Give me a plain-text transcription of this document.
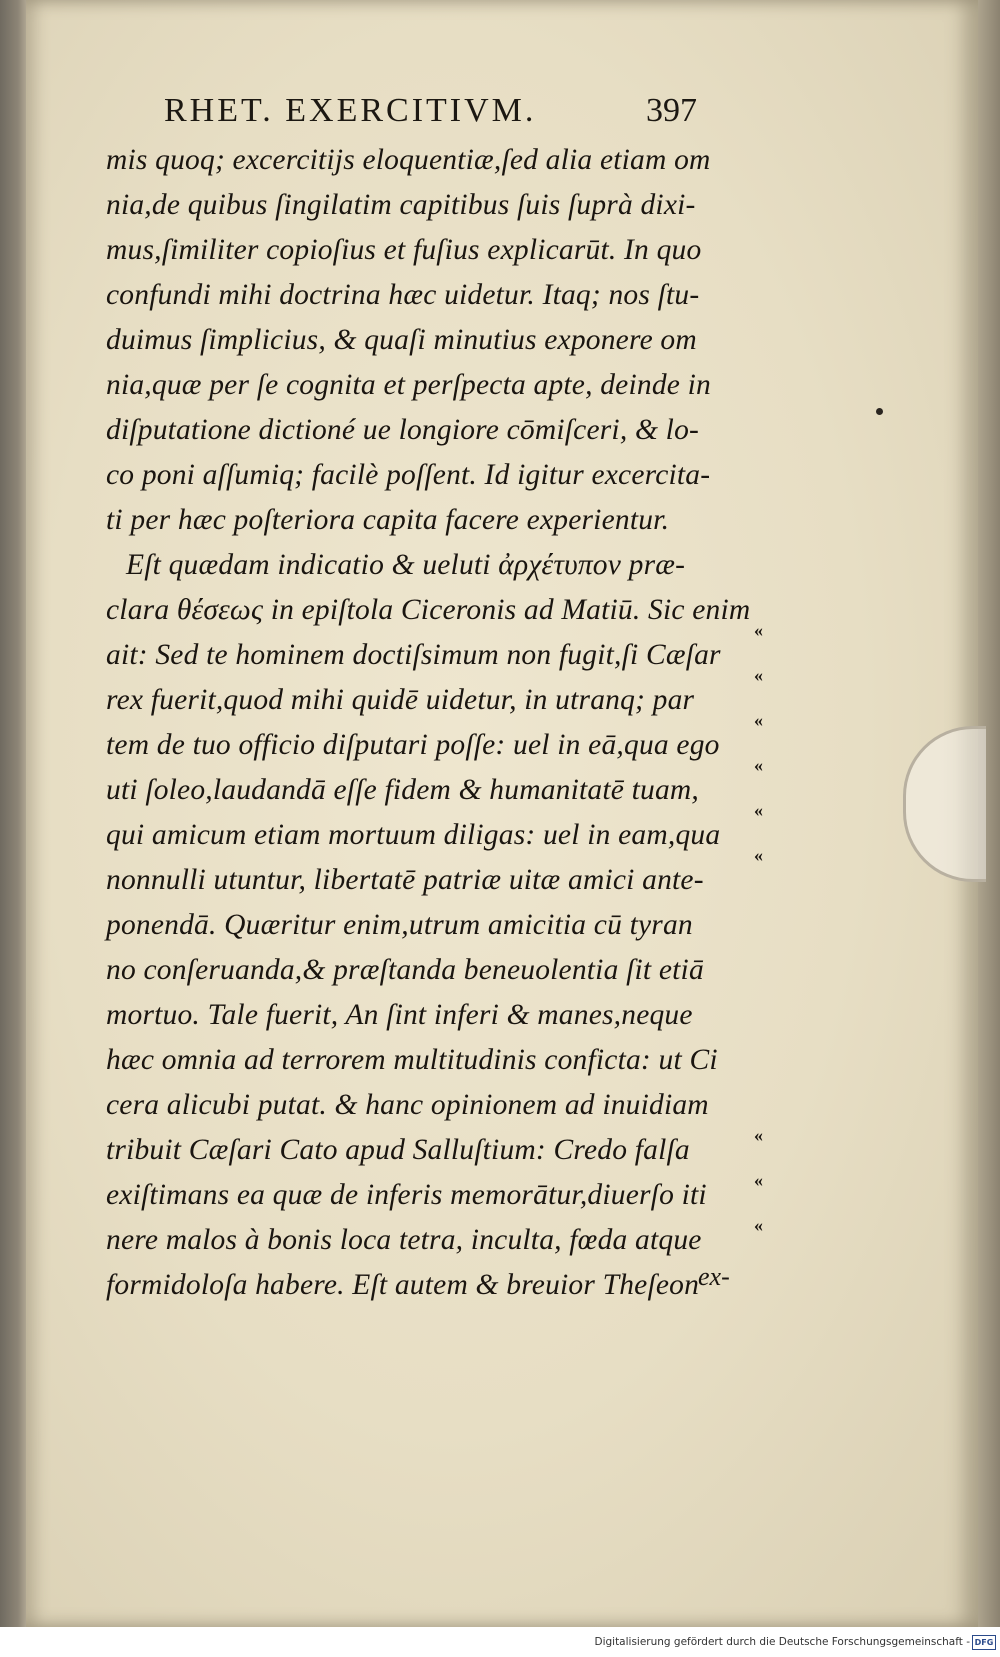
RHET. EXERCITIVM.	397
mis quoq; excercitijs eloquentiæ,ſed alia etiam om
nia,de quibus ſingilatim capitibus ſuis ſuprà dixi-
mus,ſimiliter copioſius et fuſius explicarūt. In quo
confundi mihi doctrina hæc uidetur. Itaq; nos ſtu-
duimus ſimplicius, & quaſi minutius exponere om
nia,quæ per ſe cognita et perſpecta apte, deinde in
diſputatione dictioné ue longiore cōmiſceri, & lo-
co poni aſſumiq; facilè poſſent. Id igitur excercita-
ti per hæc poſteriora capita facere experientur.
Eſt quædam indicatio & ueluti ἀρχέτυπον præ-
clara θέσεως in epiſtola Ciceronis ad Matiū. Sic enim
ait: Sed te hominem doctiſsimum non fugit,ſi Cæſar
rex fuerit,quod mihi quidē uidetur, in utranq; par
tem de tuo officio diſputari poſſe: uel in eā,qua ego
uti ſoleo,laudandā eſſe fidem & humanitatē tuam,
qui amicum etiam mortuum diligas: uel in eam,qua
nonnulli utuntur, libertatē patriæ uitæ amici ante-
ponendā. Quæritur enim,utrum amicitia cū tyran
no conſeruanda,& præſtanda beneuolentia ſit etiā
mortuo. Tale fuerit, An ſint inferi & manes,neque
hæc omnia ad terrorem multitudinis conficta: ut Ci
cera alicubi putat. & hanc opinionem ad inuidiam
tribuit Cæſari Cato apud Salluſtium: Credo falſa
exiſtimans ea quæ de inferis memorātur,diuerſo iti
nere malos à bonis loca tetra, inculta, fœda atque
formidoloſa habere. Eſt autem & breuior Theſeon
«
«
«
«
«
«
«
«
«
ex-
Digitalisierung gefördert durch die Deutsche Forschungsgemeinschaft - DFG
